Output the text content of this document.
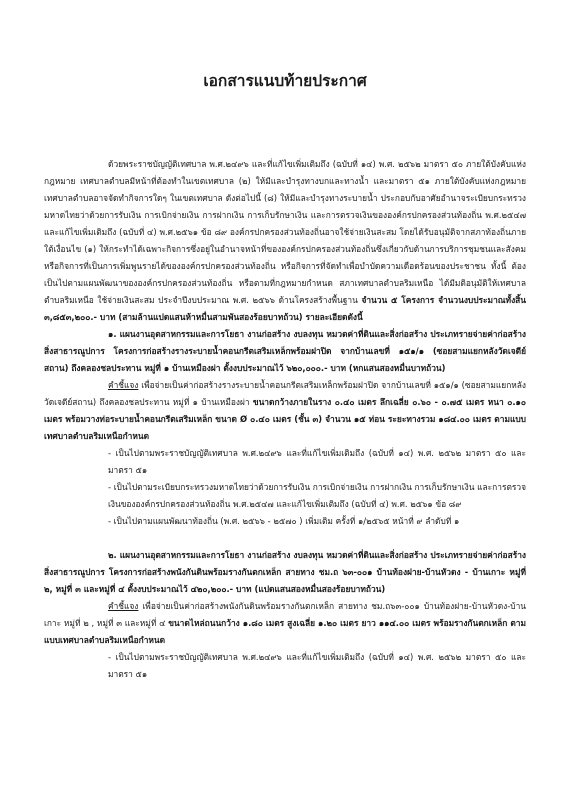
เอกสารแนบท้ายประกาศ

ด้วยพระราชบัญญัติเทศบาล พ.ศ.๒๔๙๖ และที่แก้ไขเพิ่มเติมถึง (ฉบับที่ ๑๔) พ.ศ. ๒๕๖๒ มาตรา ๕๐ ภายใต้บังคับแห่งกฎหมาย เทศบาลตำบลมีหน้าที่ต้องทำในเขตเทศบาล (๒) ให้มีและบำรุงทางบกและทางน้ำ และมาตรา ๕๑ ภายใต้บังคับแห่งกฎหมาย เทศบาลตำบลอาจจัดทำกิจการใดๆ ในเขตเทศบาล ดังต่อไปนี้ (๘) ให้มีและบำรุงทางระบายน้ำ ประกอบกับอาศัยอำนาจระเบียบกระทรวงมหาดไทยว่าด้วยการรับเงิน การเบิกจ่ายเงิน การฝากเงิน การเก็บรักษาเงิน และการตรวจเงินขององค์กรปกครองส่วนท้องถิ่น พ.ศ.๒๕๔๗ และแก้ไขเพิ่มเติมถึง (ฉบับที่ ๔) พ.ศ.๒๕๖๑ ข้อ ๘๙ องค์กรปกครองส่วนท้องถิ่นอาจใช้จ่ายเงินสะสม โดยได้รับอนุมัติจากสภาท้องถิ่นภายใต้เงื่อนไข (๑) ให้กระทำได้เฉพาะกิจการซึ่งอยู่ในอำนาจหน้าที่ขององค์กรปกครองส่วนท้องถิ่นซึ่งเกี่ยวกับด้านการบริการชุมชนและสังคม หรือกิจการที่เป็นการเพิ่มพูนรายได้ขององค์กรปกครองส่วนท้องถิ่น หรือกิจการที่จัดทำเพื่อบำบัดความเดือดร้อนของประชาชน ทั้งนี้ ต้องเป็นไปตามแผนพัฒนาขององค์กรปกครองส่วนท้องถิ่น หรือตามที่กฎหมายกำหนด สภาเทศบาลตำบลริมเหนือ ได้มีมติอนุมัติให้เทศบาลตำบลริมเหนือ ใช้จ่ายเงินสะสม ประจำปีงบประมาณ พ.ศ. ๒๕๖๖ ด้านโครงสร้างพื้นฐาน จำนวน ๕ โครงการ จำนวนงบประมาณทั้งสิ้น ๓,๘๕๓,๒๐๐.- บาท (สามล้านแปดแสนห้าหมื่นสามพันสองร้อยบาทถ้วน) รายละเอียดดังนี้

๑. แผนงานอุตสาหกรรมและการโยธา งานก่อสร้าง งบลงทุน หมวดค่าที่ดินและสิ่งก่อสร้าง ประเภทรายจ่ายค่าก่อสร้างสิ่งสาธารณูปการ โครงการก่อสร้างรางระบายน้ำคอนกรีตเสริมเหล็กพร้อมฝาปิด จากบ้านเลขที่ ๑๕๑/๑ (ซอยสามแยกหลังวัดเจดีย์สถาน) ถึงคลองชลประทาน หมู่ที่ ๑ บ้านเหมืองผ่า ตั้งงบประมาณไว้ ๖๒๐,๐๐๐.- บาท (หกแสนสองหมื่นบาทถ้วน)

คำชี้แจง เพื่อจ่ายเป็นค่าก่อสร้างรางระบายน้ำคอนกรีตเสริมเหล็กพร้อมฝาปิด จากบ้านเลขที่ ๑๕๑/๑ (ซอยสามแยกหลังวัดเจดีย์สถาน) ถึงคลองชลประทาน หมู่ที่ ๑ บ้านเหมืองผ่า ขนาดกว้างภายในราง ๐.๔๐ เมตร ลึกเฉลี่ย ๐.๖๐ - ๐.๗๕ เมตร หนา ๐.๑๐ เมตร พร้อมวางท่อระบายน้ำคอนกรีตเสริมเหล็ก ขนาด Ø ๐.๔๐ เมตร (ชั้น ๓) จำนวน ๑๕ ท่อน ระยะทางรวม ๑๘๔.๐๐ เมตร ตามแบบเทศบาลตำบลริมเหนือกำหนด

- เป็นไปตามพระราชบัญญัติเทศบาล พ.ศ.๒๔๙๖ และที่แก้ไขเพิ่มเติมถึง (ฉบับที่ ๑๔) พ.ศ. ๒๕๖๒ มาตรา ๕๐ และมาตรา ๕๑

- เป็นไปตามระเบียบกระทรวงมหาดไทยว่าด้วยการรับเงิน การเบิกจ่ายเงิน การฝากเงิน การเก็บรักษาเงิน และการตรวจเงินขององค์กรปกครองส่วนท้องถิ่น พ.ศ.๒๕๔๗ และแก้ไขเพิ่มเติมถึง (ฉบับที่ ๔) พ.ศ. ๒๕๖๑ ข้อ ๘๙

- เป็นไปตามแผนพัฒนาท้องถิ่น (พ.ศ. ๒๕๖๖ - ๒๕๗๐ ) เพิ่มเติม ครั้งที่ ๑/๒๕๖๕ หน้าที่ ๙ ลำดับที่ ๑

๒. แผนงานอุตสาหกรรมและการโยธา งานก่อสร้าง งบลงทุน หมวดค่าที่ดินและสิ่งก่อสร้าง ประเภทรายจ่ายค่าก่อสร้างสิ่งสาธารณูปการ โครงการก่อสร้างพนังกันดินพร้อมรางกันตกเหล็ก สายทาง ชม.ถ ๖๓-๐๐๑ บ้านท้องฝาย-บ้านหัวดง - บ้านเกาะ หมู่ที่ ๒, หมู่ที่ ๓ และหมู่ที่ ๔ ตั้งงบประมาณไว้ ๔๒๐,๒๐๐.- บาท (แปดแสนสองหมื่นสองร้อยบาทถ้วน)

คำชี้แจง เพื่อจ่ายเป็นค่าก่อสร้างพนังกันดินพร้อมรางกันตกเหล็ก สายทาง ชม.ถ๖๓-๐๐๑ บ้านท้องฝาย-บ้านหัวดง-บ้านเกาะ หมู่ที่ ๒ , หมู่ที่ ๓ และหมู่ที่ ๔ ขนาดไหล่ถนนกว้าง ๑.๘๐ เมตร สูงเฉลี่ย ๑.๒๐ เมตร ยาว ๑๑๔.๐๐ เมตร พร้อมรางกันตกเหล็ก ตามแบบเทศบาลตำบลริมเหนือกำหนด

- เป็นไปตามพระราชบัญญัติเทศบาล พ.ศ.๒๔๙๖ และที่แก้ไขเพิ่มเติมถึง (ฉบับที่ ๑๔) พ.ศ. ๒๕๖๒ มาตรา ๕๐ และมาตรา ๕๑
